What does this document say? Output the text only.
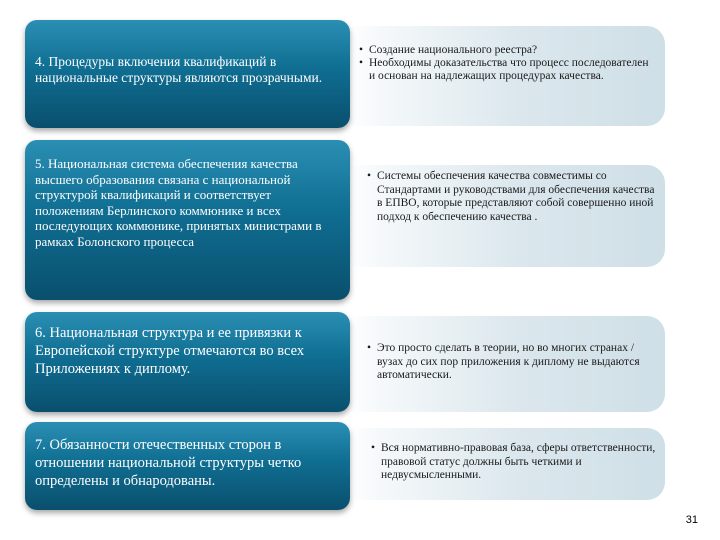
• Создание национального реестра?
• Необходимы доказательства что процесс последователен и основан на надлежащих процедурах качества.
4. Процедуры включения квалификаций в национальные структуры являются прозрачными.
• Системы обеспечения качества совместимы со Стандартами и руководствами для обеспечения качества в ЕПВО, которые представляют собой совершенно иной подход к обеспечению качества .
5. Национальная система обеспечения качества высшего образования связана с национальной структурой квалификаций и соответствует положениям Берлинского коммюнике и всех последующих коммюнике, принятых министрами в рамках Болонского процесса
• Это просто сделать в теории, но во многих странах /вузах до сих пор приложения к диплому не выдаются автоматически.
6. Национальная структура и ее привязки к Европейской структуре отмечаются во всех Приложениях к диплому.
• Вся нормативно-правовая база, сферы ответственности, правовой статус должны быть четкими и недвусмысленными.
7. Обязанности отечественных сторон в отношении национальной структуры четко определены и обнародованы.
31
